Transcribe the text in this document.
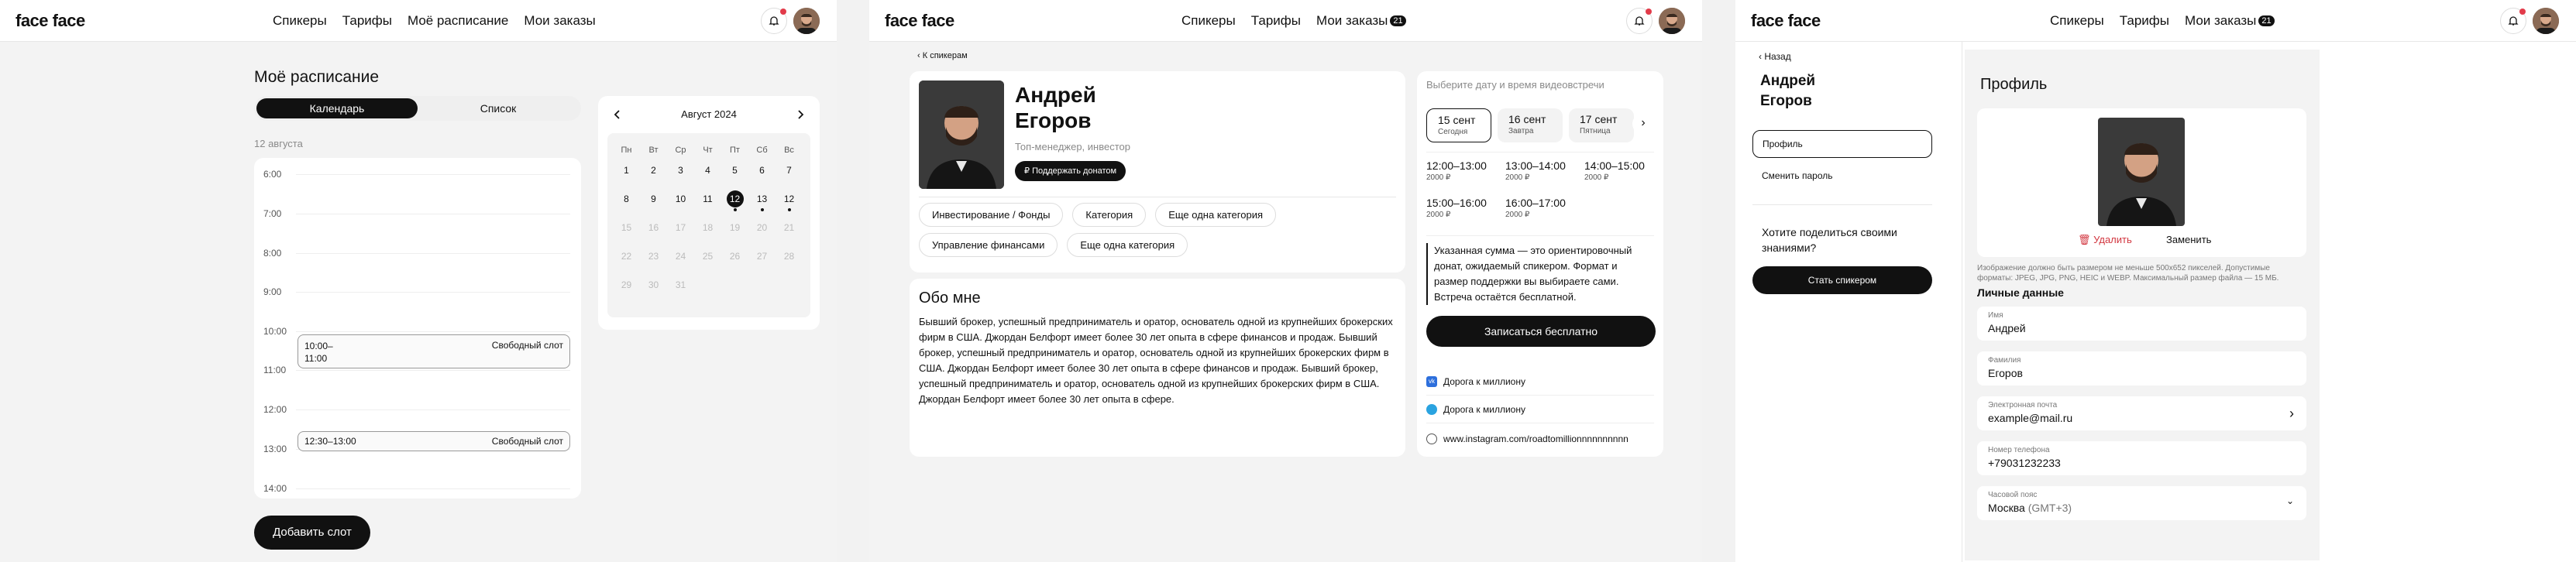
face face	Спикеры Тарифы Моё расписание Мои заказы
Моё расписание
Календарь	Список
12 августа
6:00
7:00
8:00
9:00
10:00
11:00
12:00
13:00
14:00
10:00–
11:00
Свободный слот
12:30–13:00	Свободный слот
Добавить слот
Август 2024
Пн	Вт	Ср	Чт	Пт	Сб	Вс
1	2	3	4	5	6	7
8	9	10	11	12	13	12
15	16	17	18	19	20	21
22	23	24	25	26	27	28
29	30	31
face face	Спикеры Тарифы Мои заказы 21
‹ К спикерам
Андрей
Егоров
Топ-менеджер, инвестор
₽ Поддержать донатом
Инвестирование / Фонды	Категория	Еще одна категория
Управление финансами	Еще одна категория
Обо мне
Бывший брокер, успешный предприниматель и оратор, основатель одной из крупнейших брокерских фирм в США. Джордан Белфорт имеет более 30 лет опыта в сфере финансов и продаж. Бывший брокер, успешный предприниматель и оратор, основатель одной из крупнейших брокерских фирм в США. Джордан Белфорт имеет более 30 лет опыта в сфере финансов и продаж. Бывший брокер, успешный предприниматель и оратор, основатель одной из крупнейших брокерских фирм в США. Джордан Белфорт имеет более 30 лет опыта в сфере.
Выберите дату и время видеовстречи
15 сент
Сегодня
16 сент
Завтра
17 сент
Пятница
›
12:00–13:00
2000 ₽
13:00–14:00
2000 ₽
14:00–15:00
2000 ₽
15:00–16:00
2000 ₽
16:00–17:00
2000 ₽
Указанная сумма — это ориентировочный донат, ожидаемый спикером. Формат и размер поддержки вы выбираете сами. Встреча остаётся бесплатной.
Записаться бесплатно
vk Дорога к миллиону
Дорога к миллиону
www.instagram.com/roadtomillionnnnnnnnnn
face face	Спикеры Тарифы Мои заказы 21
‹ Назад
Андрей
Егоров
Профиль
Сменить пароль
Хотите поделиться своими знаниями?
Стать спикером
Профиль
🗑 Удалить	Заменить
Изображение должно быть размером не меньше 500х652 пикселей. Допустимые форматы: JPEG, JPG, PNG, HEIC и WEBP. Максимальный размер файла — 15 МБ.
Личные данные
Имя
Андрей
Фамилия
Егоров
Электронная почта
example@mail.ru	›
Номер телефона
+79031232233
Часовой пояс
Москва (GMT+3)
⌄
